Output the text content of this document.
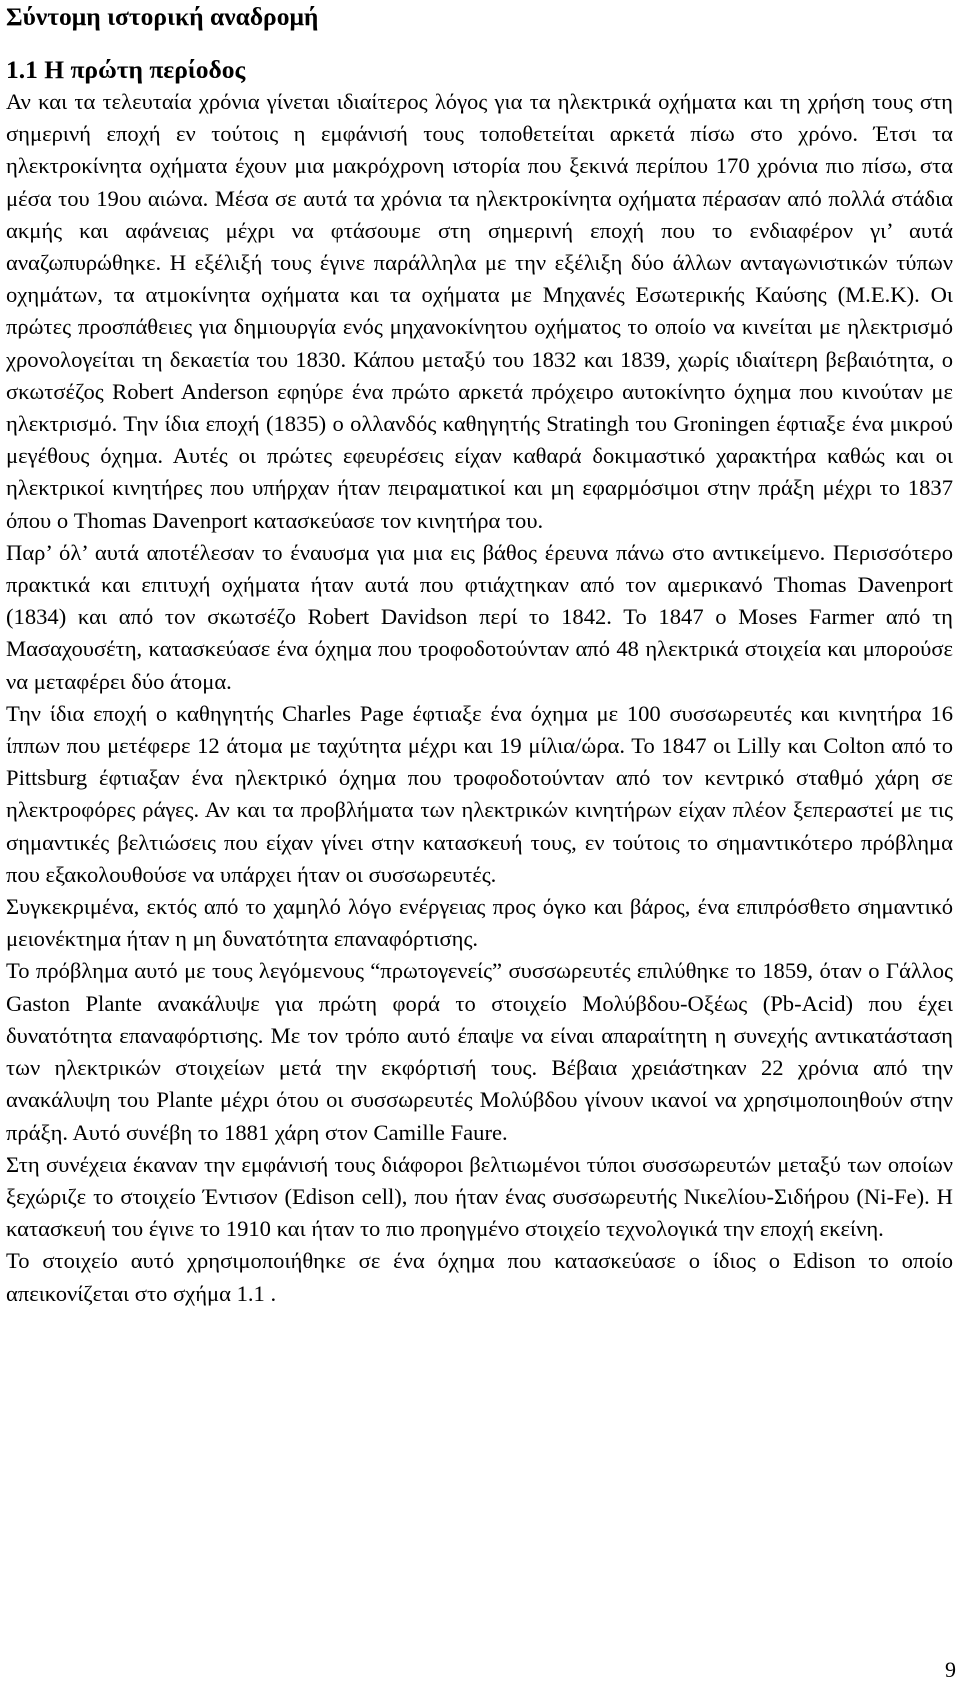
Σύντομη ιστορική αναδρομή
1.1 Η πρώτη περίοδος

Αν και τα τελευταία χρόνια γίνεται ιδιαίτερος λόγος για τα ηλεκτρικά οχήματα και τη χρήση τους στη σημερινή εποχή εν τούτοις η εμφάνισή τους τοποθετείται αρκετά πίσω στο χρόνο. Έτσι τα ηλεκτροκίνητα οχήματα έχουν μια μακρόχρονη ιστορία που ξεκινά περίπου 170 χρόνια πιο πίσω, στα μέσα του 19ου αιώνα. Μέσα σε αυτά τα χρόνια τα ηλεκτροκίνητα οχήματα πέρασαν από πολλά στάδια ακμής και αφάνειας μέχρι να φτάσουμε στη σημερινή εποχή που το ενδιαφέρον γι’ αυτά αναζωπυρώθηκε. Η εξέλιξή τους έγινε παράλληλα με την εξέλιξη δύο άλλων ανταγωνιστικών τύπων οχημάτων, τα ατμοκίνητα οχήματα και τα οχήματα με Μηχανές Εσωτερικής Καύσης (Μ.Ε.Κ). Οι πρώτες προσπάθειες για δημιουργία ενός μηχανοκίνητου οχήματος το οποίο να κινείται με ηλεκτρισμό χρονολογείται τη δεκαετία του 1830. Κάπου μεταξύ του 1832 και 1839, χωρίς ιδιαίτερη βεβαιότητα, ο σκωτσέζος Robert Anderson εφηύρε ένα πρώτο αρκετά πρόχειρο αυτοκίνητο όχημα που κινούταν με ηλεκτρισμό. Την ίδια εποχή (1835) ο ολλανδός καθηγητής Stratingh του Groningen έφτιαξε ένα μικρού μεγέθους όχημα. Αυτές οι πρώτες εφευρέσεις είχαν καθαρά δοκιμαστικό χαρακτήρα καθώς και οι ηλεκτρικοί κινητήρες που υπήρχαν ήταν πειραματικοί και μη εφαρμόσιμοι στην πράξη μέχρι το 1837 όπου ο Thomas Davenport κατασκεύασε τον κινητήρα του.

Παρ’ όλ’ αυτά αποτέλεσαν το έναυσμα για μια εις βάθος έρευνα πάνω στο αντικείμενο. Περισσότερο πρακτικά και επιτυχή οχήματα ήταν αυτά που φτιάχτηκαν από τον αμερικανό Thomas Davenport (1834) και από τον σκωτσέζο Robert Davidson περί το 1842. Το 1847 ο Moses Farmer από τη Μασαχουσέτη, κατασκεύασε ένα όχημα που τροφοδοτούνταν από 48 ηλεκτρικά στοιχεία και μπορούσε να μεταφέρει δύο άτομα.

Την ίδια εποχή ο καθηγητής Charles Page έφτιαξε ένα όχημα με 100 συσσωρευτές και κινητήρα 16 ίππων που μετέφερε 12 άτομα με ταχύτητα μέχρι και 19 μίλια/ώρα. Το 1847 οι Lilly και Colton από το Pittsburg έφτιαξαν ένα ηλεκτρικό όχημα που τροφοδοτούνταν από τον κεντρικό σταθμό χάρη σε ηλεκτροφόρες ράγες. Αν και τα προβλήματα των ηλεκτρικών κινητήρων είχαν πλέον ξεπεραστεί με τις σημαντικές βελτιώσεις που είχαν γίνει στην κατασκευή τους, εν τούτοις το σημαντικότερο πρόβλημα που εξακολουθούσε να υπάρχει ήταν οι συσσωρευτές.

Συγκεκριμένα, εκτός από το χαμηλό λόγο ενέργειας προς όγκο και βάρος, ένα επιπρόσθετο σημαντικό μειονέκτημα ήταν η μη δυνατότητα επαναφόρτισης.

Το πρόβλημα αυτό με τους λεγόμενους “πρωτογενείς” συσσωρευτές επιλύθηκε το 1859, όταν ο Γάλλος Gaston Plante ανακάλυψε για πρώτη φορά το στοιχείο Μολύβδου-Οξέως (Pb-Acid) που έχει δυνατότητα επαναφόρτισης. Με τον τρόπο αυτό έπαψε να είναι απαραίτητη η συνεχής αντικατάσταση των ηλεκτρικών στοιχείων μετά την εκφόρτισή τους. Βέβαια χρειάστηκαν 22 χρόνια από την ανακάλυψη του Plante μέχρι ότου οι συσσωρευτές Μολύβδου γίνουν ικανοί να χρησιμοποιηθούν στην πράξη. Αυτό συνέβη το 1881 χάρη στον Camille Faure.

Στη συνέχεια έκαναν την εμφάνισή τους διάφοροι βελτιωμένοι τύποι συσσωρευτών μεταξύ των οποίων ξεχώριζε το στοιχείο Έντισον (Edison cell), που ήταν ένας συσσωρευτής Νικελίου-Σιδήρου (Ni-Fe). Η κατασκευή του έγινε το 1910 και ήταν το πιο προηγμένο στοιχείο τεχνολογικά την εποχή εκείνη.

Το στοιχείο αυτό χρησιμοποιήθηκε σε ένα όχημα που κατασκεύασε ο ίδιος ο Edison το οποίο απεικονίζεται στο σχήμα 1.1 .

9
